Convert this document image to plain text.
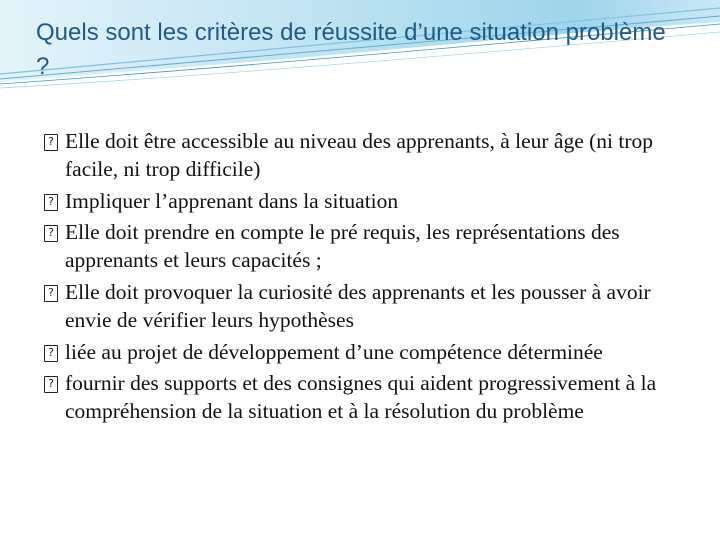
Quels sont les critères de réussite d’une situation problème ?
?
Elle doit être accessible au niveau des apprenants, à leur âge (ni trop facile, ni trop difficile)
?
Impliquer l’apprenant dans la situation
?
Elle doit prendre en compte le pré requis, les représentations des apprenants et leurs capacités ;
?
Elle doit provoquer la curiosité des apprenants et les pousser à avoir envie de vérifier leurs hypothèses
?
liée au projet de développement d’une compétence déterminée
?
fournir des supports et des consignes qui aident progressivement à la compréhension de la situation et à la résolution du problème
